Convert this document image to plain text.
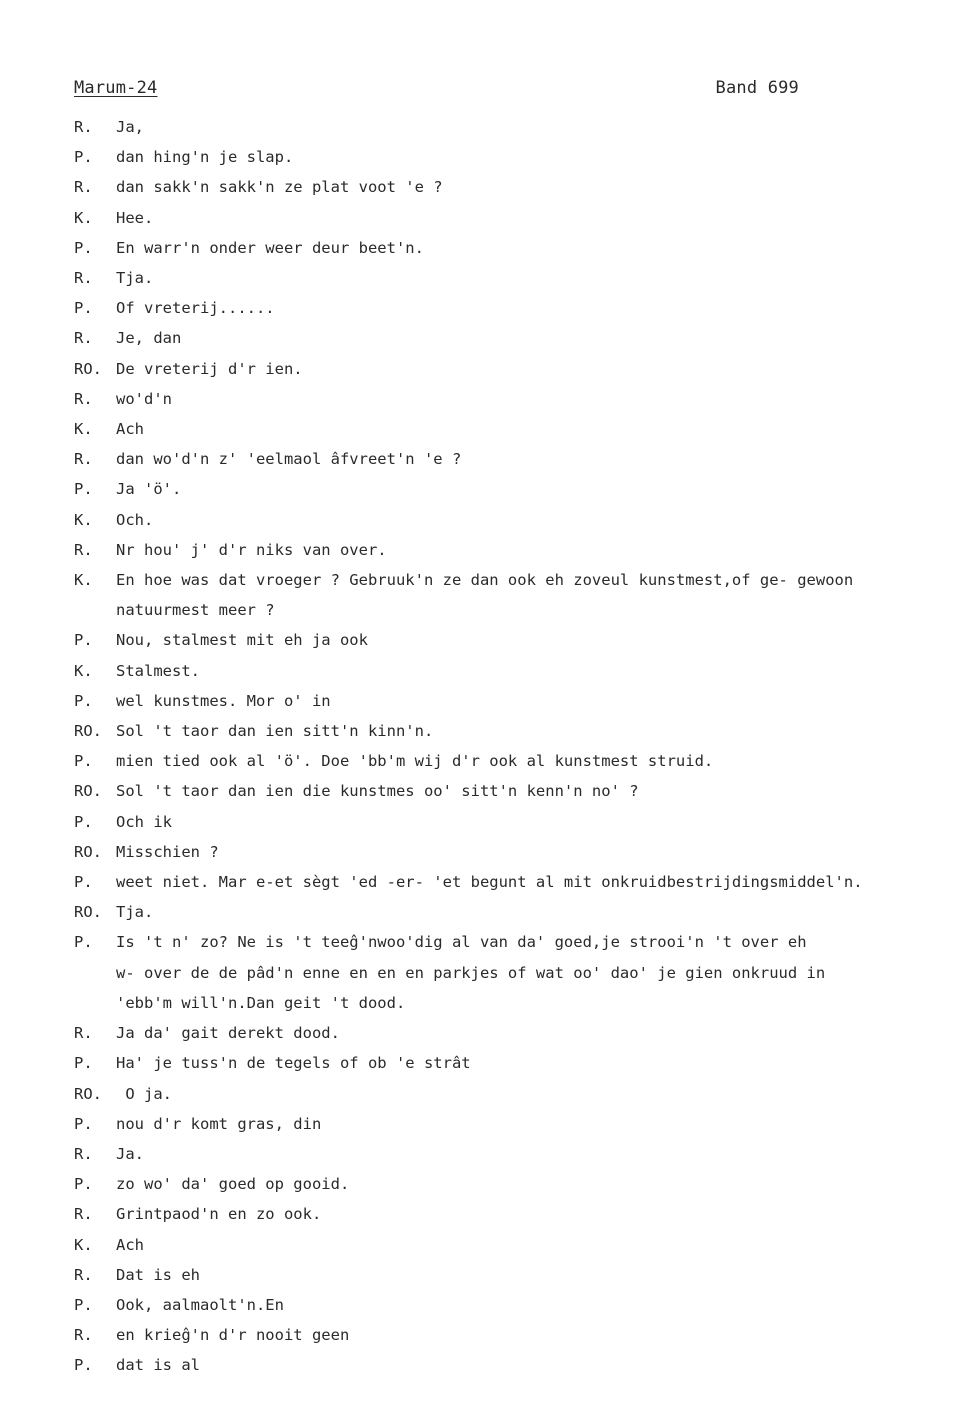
Marum-24	Band 699
R.	Ja,
P.	dan hing'n je slap.
R.	dan sakk'n sakk'n ze plat voot 'e ?
K.	Hee.
P.	En warr'n onder weer deur beet'n.
R.	Tja.
P.	Of vreterij......
R.	Je, dan
RO. De vreterij d'r ien.
R.	wo'd'n
K.	Ach
R.	dan wo'd'n z' 'eelmaol âfvreet'n 'e ?
P.	Ja 'ö'.
K.	Och.
R.	Nr hou' j' d'r niks van over.
K.	En hoe was dat vroeger ? Gebruuk'n ze dan ook eh zoveul kunstmest,of ge- gewoon
natuurmest meer ?
P.	Nou, stalmest mit eh ja ook
K.	Stalmest.
P.	wel kunstmes. Mor o' in
RO. Sol 't taor dan ien sitt'n kinn'n.
P.	mien tied ook al 'ö'. Doe 'bb'm wij d'r ook al kunstmest struid.
RO. Sol 't taor dan ien die kunstmes oo' sitt'n kenn'n no' ?
P.	Och ik
RO. Misschien ?
P.	weet niet. Mar e-et sègt 'ed -er- 'et begunt al mit onkruidbestrijdingsmiddel'n.
RO. Tja.
P.	Is 't n' zo? Ne is 't teeĝ'nwoo'dig al van da' goed,je strooi'n 't over eh
w- over de de pâd'n enne en en en parkjes of wat oo' dao' je gien onkruud in
'ebb'm will'n.Dan geit 't dood.
R.	Ja da' gait derekt dood.
P.	Ha' je tuss'n de tegels of ob 'e strât
RO. O ja.
P.	nou d'r komt gras, din
R.	Ja.
P.	zo wo' da' goed op gooid.
R.	Grintpaod'n en zo ook.
K.	Ach
R.	Dat is eh
P.	Ook, aalmaolt'n.En
R.	en krieĝ'n d'r nooit geen
P.	dat is al
